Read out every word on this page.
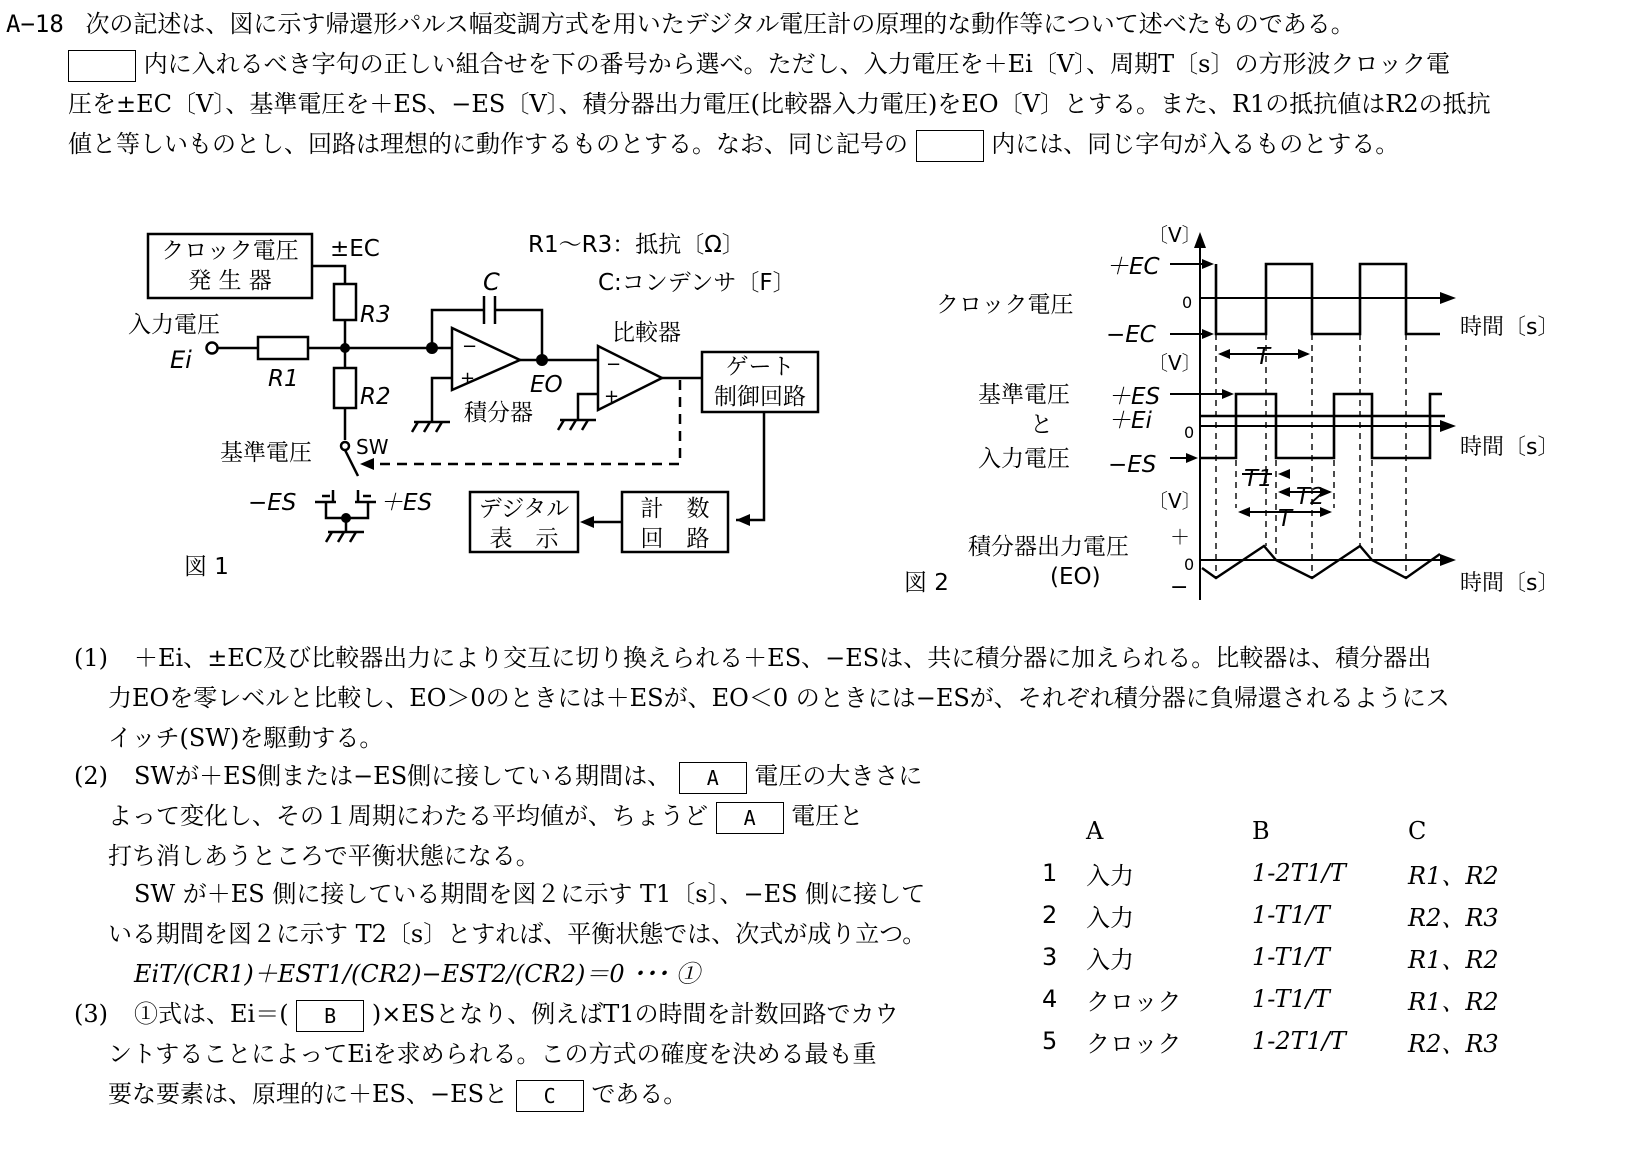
A−18 次の記述は、図に示す帰還形パルス幅変調方式を用いたデジタル電圧計の原理的な動作等について述べたものである。
内に入れるべき字句の正しい組合せを下の番号から選べ。ただし、入力電圧を＋Ei〔V〕、周期T〔s〕の方形波クロック電
圧を±EC〔V〕、基準電圧を＋ES、−ES〔V〕、積分器出力電圧(比較器入力電圧)をEO〔V〕とする。また、R1の抵抗値はR2の抵抗
値と等しいものとし、回路は理想的に動作するものとする。なお、同じ記号の	内には、同じ字句が入るものとする。
クロック電圧
発 生 器
±EC	R1〜R3：抵抗〔Ω〕
C:コンデンサ〔F〕
C
R3
入力電圧
Ei
R1
R2
−
+
−
+
比較器
EO
積分器
ゲート
制御回路
基準電圧 SW
−ES	＋ES デジタル
表　示
計　数
回　路
図 1
〔V〕
＋EC
0
クロック電圧
−EC	時間〔s〕
T
〔V〕
基準電圧
と
入力電圧
＋ES
＋Ei 0
−ES
時間〔s〕
T1
T2
〔V〕
T
積分器出力電圧
(EO)
＋
0
−	時間〔s〕
図 2
(1) ＋Ei、±EC及び比較器出力により交互に切り換えられる＋ES、−ESは、共に積分器に加えられる。比較器は、積分器出
力EOを零レベルと比較し、EO＞0のときには＋ESが、EO＜0 のときには−ESが、それぞれ積分器に負帰還されるようにス
イッチ(SW)を駆動する。
(2) SWが＋ES側または−ES側に接している期間は、 A 電圧の大きさに
よって変化し、その１周期にわたる平均値が、ちょうど A 電圧と
打ち消しあうところで平衡状態になる。
SW が＋ES 側に接している期間を図２に示す T1〔s〕、−ES 側に接して
いる期間を図２に示す T2〔s〕とすれば、平衡状態では、次式が成り立つ。
EiT/(CR1)＋EST1/(CR2)−EST2/(CR2)＝0 ･･･ ①
(3) ①式は、Ei＝( B )×ESとなり、例えばT1の時間を計数回路でカウ
ントすることによってEiを求められる。この方式の確度を決める最も重
要な要素は、原理的に＋ES、−ESと C である。
	A	B	C
1	入力	1-2T1/T	R1、R2
2	入力	1-T1/T	R2、R3
3	入力	1-T1/T	R1、R2
4	クロック	1-T1/T	R1、R2
5	クロック	1-2T1/T	R2、R3
